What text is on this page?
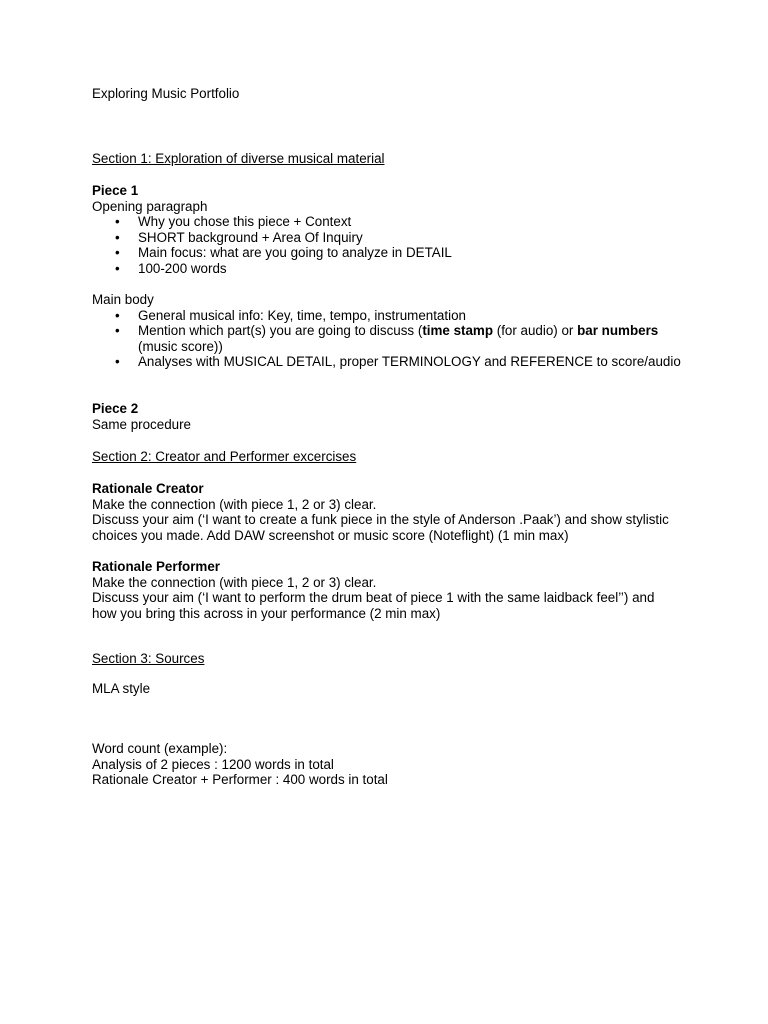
Exploring Music Portfolio
Section 1: Exploration of diverse musical material

Piece 1

Opening paragraph

• Why you chose this piece + Context
• SHORT background + Area Of Inquiry
• Main focus: what are you going to analyze in DETAIL
• 100-200 words

Main body

• General musical info: Key, time, tempo, instrumentation
• Mention which part(s) you are going to discuss (time stamp (for audio) or bar numbers (music score))
• Analyses with MUSICAL DETAIL, proper TERMINOLOGY and REFERENCE to score/audio

Piece 2

Same procedure

Section 2: Creator and Performer excercises

Rationale Creator

Make the connection (with piece 1, 2 or 3) clear.

Discuss your aim (‘I want to create a funk piece in the style of Anderson .Paak’) and show stylistic choices you made. Add DAW screenshot or music score (Noteflight) (1 min max)

Rationale Performer

Make the connection (with piece 1, 2 or 3) clear.

Discuss your aim (‘I want to perform the drum beat of piece 1 with the same laidback feel’’) and how you bring this across in your performance (2 min max)

Section 3: Sources
MLA style

Word count (example):

Analysis of 2 pieces : 1200 words in total

Rationale Creator + Performer : 400 words in total
